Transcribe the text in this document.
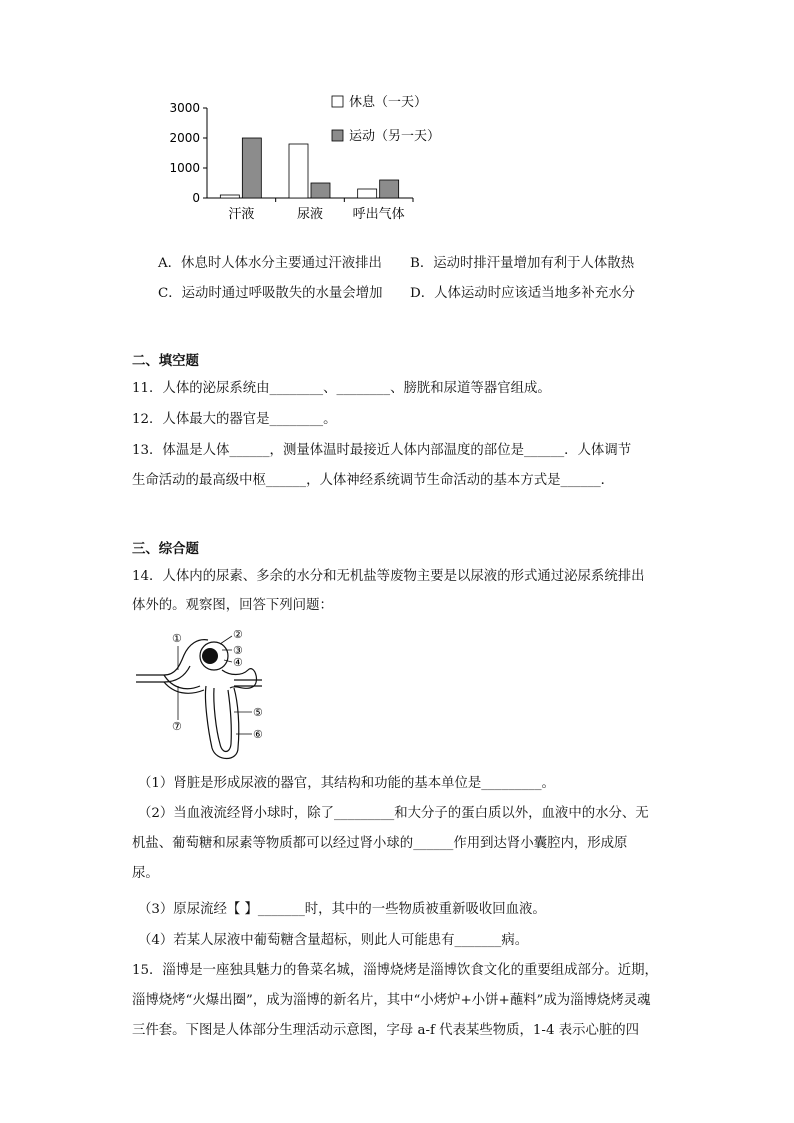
3000
2000
1000
0
汗液	尿液 呼出气体
休息（一天）
运动（另一天）
A．休息时人体水分主要通过汗液排出 B．运动时排汗量增加有利于人体散热
C．运动时通过呼吸散失的水量会增加 D．人体运动时应该适当地多补充水分
二、填空题
11．人体的泌尿系统由________、________、膀胱和尿道等器官组成。
12．人体最大的器官是________。
13．体温是人体______，测量体温时最接近人体内部温度的部位是______．人体调节
生命活动的最高级中枢______，人体神经系统调节生命活动的基本方式是______．
三、综合题
14．人体内的尿素、多余的水分和无机盐等废物主要是以尿液的形式通过泌尿系统排出
体外的。观察图，回答下列问题：
①	②
③
④
⑤
⑥
⑦
（1）肾脏是形成尿液的器官，其结构和功能的基本单位是_________。
（2）当血液流经肾小球时，除了_________和大分子的蛋白质以外，血液中的水分、无
机盐、葡萄糖和尿素等物质都可以经过肾小球的______作用到达肾小囊腔内，形成原
尿。
（3）原尿流经【 】_______时，其中的一些物质被重新吸收回血液。
（4）若某人尿液中葡萄糖含量超标，则此人可能患有_______病。
15．淄博是一座独具魅力的鲁菜名城，淄博烧烤是淄博饮食文化的重要组成部分。近期，
淄博烧烤“火爆出圈”，成为淄博的新名片，其中“小烤炉+小饼+蘸料”成为淄博烧烤灵魂
三件套。下图是人体部分生理活动示意图，字母 a-f 代表某些物质，1-4 表示心脏的四
